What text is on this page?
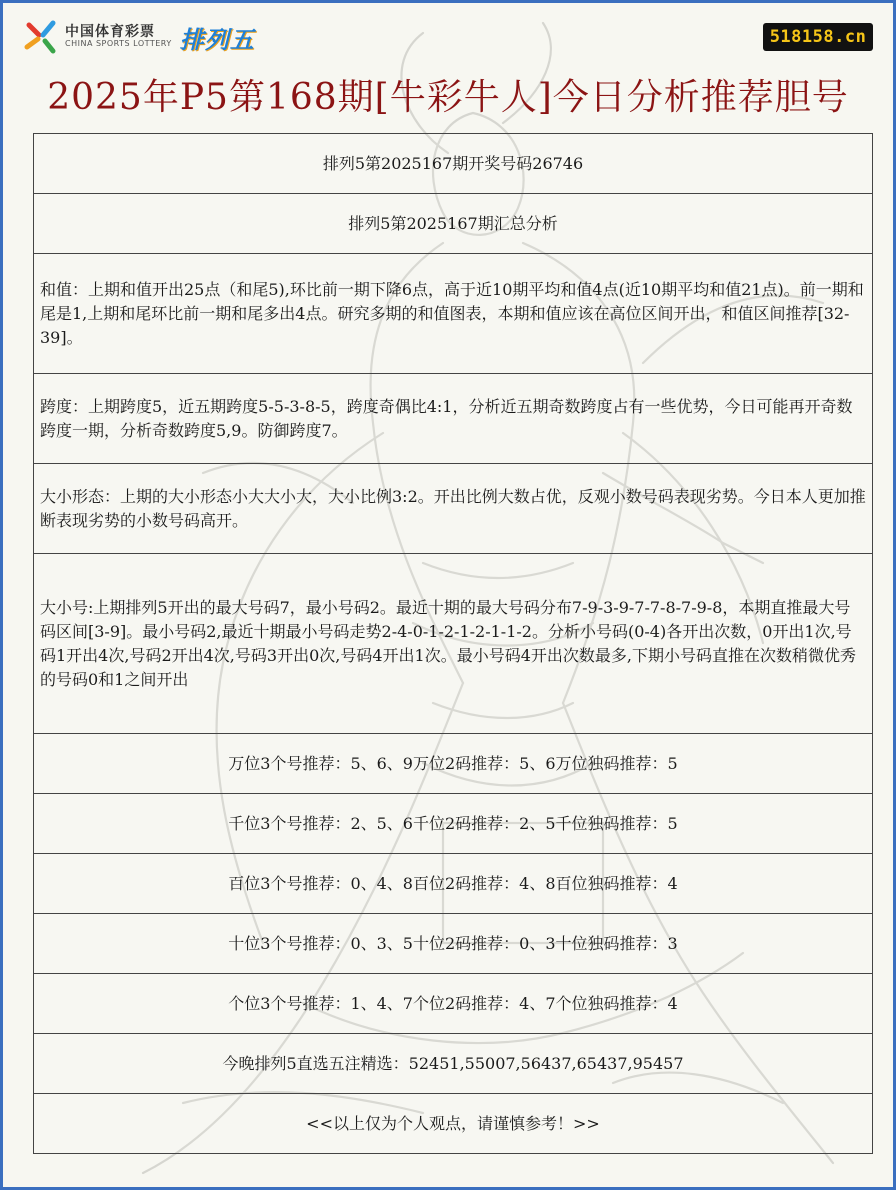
中国体育彩票
CHINA SPORTS LOTTERY 排列五	518158.cn
2025年P5第168期[牛彩牛人]今日分析推荐胆号
排列5第2025167期开奖号码26746
排列5第2025167期汇总分析
和值：上期和值开出25点（和尾5),环比前一期下降6点，高于近10期平均和值4点(近10期平均和值21点)。前一期和尾是1,上期和尾环比前一期和尾多出4点。研究多期的和值图表，本期和值应该在高位区间开出，和值区间推荐[32-39]。
跨度：上期跨度5，近五期跨度5-5-3-8-5，跨度奇偶比4:1，分析近五期奇数跨度占有一些优势，今日可能再开奇数跨度一期，分析奇数跨度5,9。防御跨度7。
大小形态：上期的大小形态小大大小大，大小比例3:2。开出比例大数占优，反观小数号码表现劣势。今日本人更加推断表现劣势的小数号码高开。
大小号:上期排列5开出的最大号码7，最小号码2。最近十期的最大号码分布7-9-3-9-7-7-8-7-9-8，本期直推最大号码区间[3-9]。最小号码2,最近十期最小号码走势2-4-0-1-2-1-2-1-1-2。分析小号码(0-4)各开出次数，0开出1次,号码1开出4次,号码2开出4次,号码3开出0次,号码4开出1次。最小号码4开出次数最多,下期小号码直推在次数稍微优秀的号码0和1之间开出
万位3个号推荐：5、6、9万位2码推荐：5、6万位独码推荐：5
千位3个号推荐：2、5、6千位2码推荐：2、5千位独码推荐：5
百位3个号推荐：0、4、8百位2码推荐：4、8百位独码推荐：4
十位3个号推荐：0、3、5十位2码推荐：0、3十位独码推荐：3
个位3个号推荐：1、4、7个位2码推荐：4、7个位独码推荐：4
今晚排列5直选五注精选：52451,55007,56437,65437,95457
<<以上仅为个人观点，请谨慎参考！>>
